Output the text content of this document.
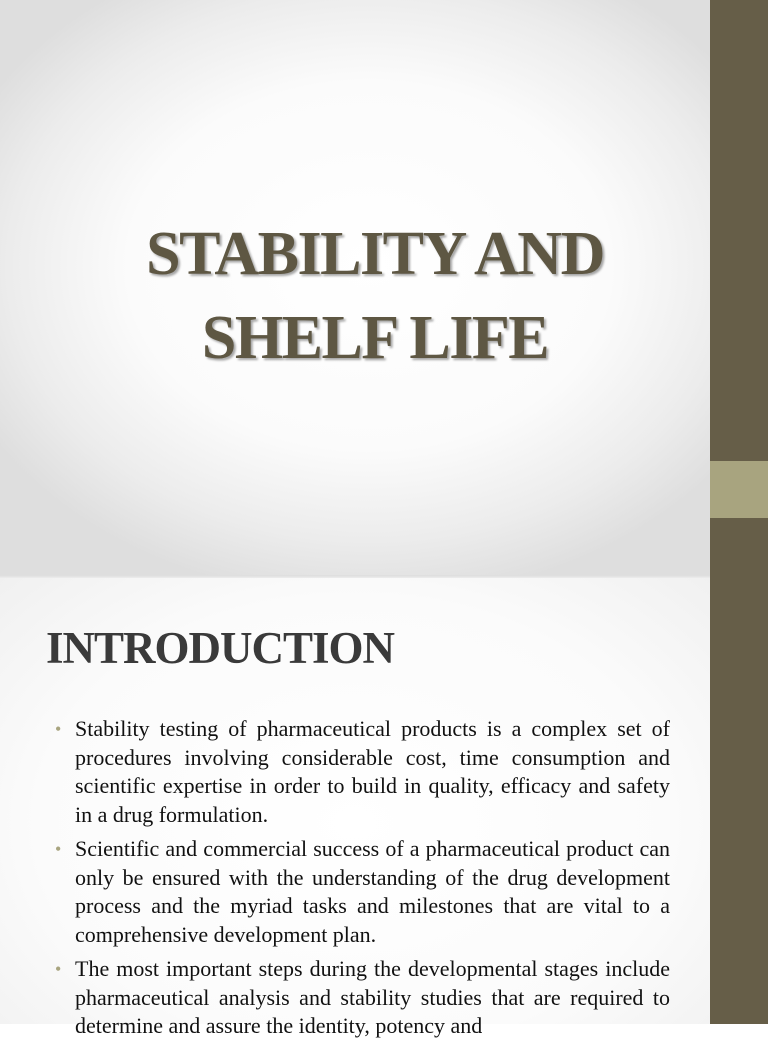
STABILITY AND
SHELF LIFE
INTRODUCTION
• Stability testing of pharmaceutical products is a complex set of procedures involving considerable cost, time consumption and scientific expertise in order to build in quality, efficacy and safety in a drug formulation.
• Scientific and commercial success of a pharmaceutical product can only be ensured with the understanding of the drug development process and the myriad tasks and milestones that are vital to a comprehensive development plan.
• The most important steps during the developmental stages include pharmaceutical analysis and stability studies that are required to determine and assure the identity, potency and
